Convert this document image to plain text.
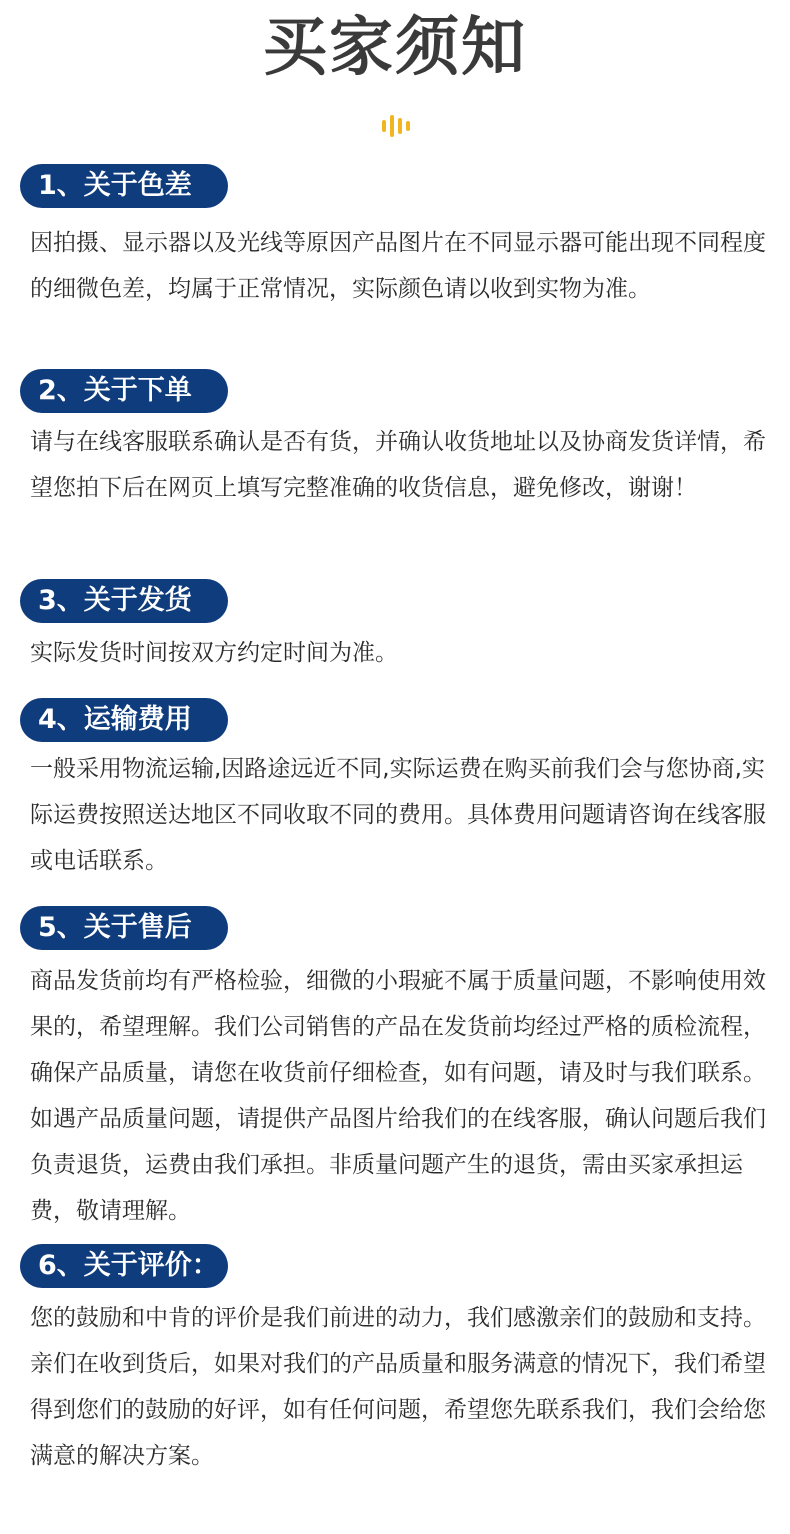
买家须知
1、关于色差

因拍摄、显示器以及光线等原因产品图片在不同显示器可能出现不同程度的细微色差，均属于正常情况，实际颜色请以收到实物为准。

2、关于下单

请与在线客服联系确认是否有货，并确认收货地址以及协商发货详情，希望您拍下后在网页上填写完整准确的收货信息，避免修改，谢谢！

3、关于发货

实际发货时间按双方约定时间为准。

4、运输费用

一般采用物流运输,因路途远近不同,实际运费在购买前我们会与您协商,实际运费按照送达地区不同收取不同的费用。具体费用问题请咨询在线客服或电话联系。

5、关于售后

商品发货前均有严格检验，细微的小瑕疵不属于质量问题，不影响使用效果的，希望理解。我们公司销售的产品在发货前均经过严格的质检流程，确保产品质量，请您在收货前仔细检查，如有问题，请及时与我们联系。如遇产品质量问题，请提供产品图片给我们的在线客服，确认问题后我们负责退货，运费由我们承担。非质量问题产生的退货，需由买家承担运费，敬请理解。

6、关于评价：

您的鼓励和中肯的评价是我们前进的动力，我们感激亲们的鼓励和支持。亲们在收到货后，如果对我们的产品质量和服务满意的情况下，我们希望得到您们的鼓励的好评，如有任何问题，希望您先联系我们，我们会给您满意的解决方案。
